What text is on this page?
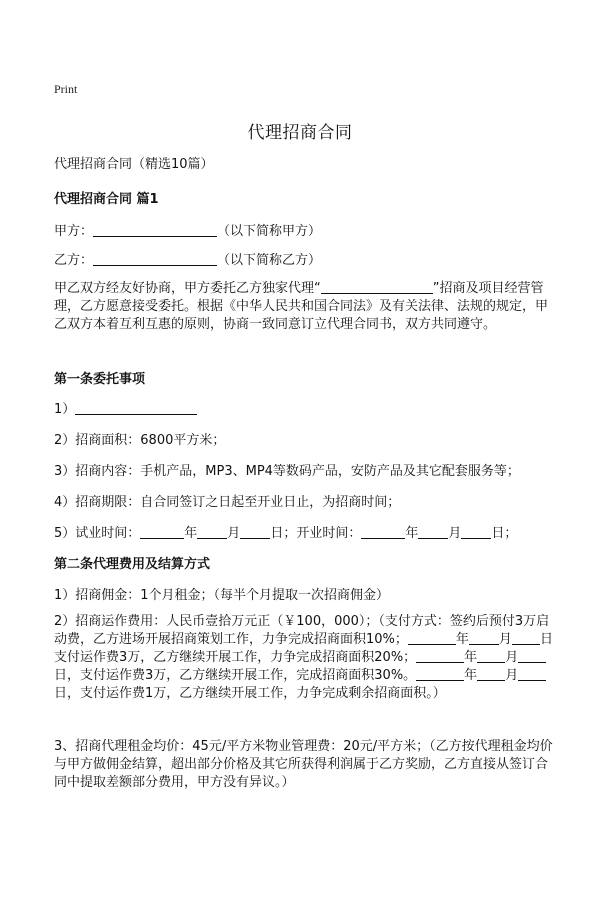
Print
代理招商合同
代理招商合同（精选10篇）
代理招商合同 篇1
甲方：	（以下简称甲方）
乙方：	（以下简称乙方）
甲乙双方经友好协商，甲方委托乙方独家代理“	”招商及项目经营管理，乙方愿意接受委托。根据《中华人民共和国合同法》及有关法律、法规的规定，甲乙双方本着互利互惠的原则，协商一致同意订立代理合同书，双方共同遵守。
第一条委托事项
1）
2）招商面积：6800平方米；
3）招商内容：手机产品，MP3、MP4等数码产品，安防产品及其它配套服务等；
4）招商期限：自合同签订之日起至开业日止，为招商时间；
5）试业时间：	年 月 日；开业时间：	年 月 日；
第二条代理费用及结算方式
1）招商佣金：1个月租金；（每半个月提取一次招商佣金）
2）招商运作费用：人民币壹拾万元正（￥100，000）；（支付方式：签约后预付3万启动费，乙方进场开展招商策划工作，力争完成招商面积10%；	年 月 日支付运作费3万，乙方继续开展工作，力争完成招商面积20%；	年 月日，支付运作费3万，乙方继续开展工作，完成招商面积30%。	年 月日，支付运作费1万，乙方继续开展工作，力争完成剩余招商面积。）
3、招商代理租金均价：45元/平方米物业管理费：20元/平方米；（乙方按代理租金均价与甲方做佣金结算，超出部分价格及其它所获得利润属于乙方奖励，乙方直接从签订合同中提取差额部分费用，甲方没有异议。）
